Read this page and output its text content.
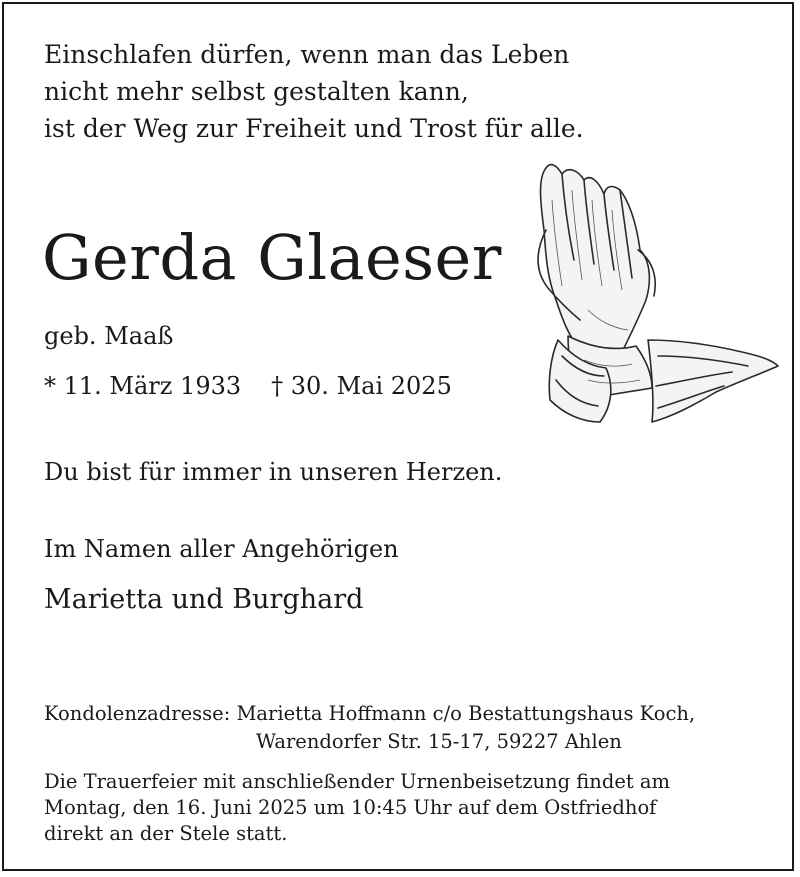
Einschlafen dürfen, wenn man das Leben
nicht mehr selbst gestalten kann,
ist der Weg zur Freiheit und Trost für alle.
Gerda Glaeser
geb. Maaß
* 11. März 1933 † 30. Mai 2025
Du bist für immer in unseren Herzen.
Im Namen aller Angehörigen
Marietta und Burghard
Kondolenzadresse: Marietta Hoffmann c/o Bestattungshaus Koch,
Warendorfer Str. 15-17, 59227 Ahlen
Die Trauerfeier mit anschließender Urnenbeisetzung findet am
Montag, den 16. Juni 2025 um 10:45 Uhr auf dem Ostfriedhof
direkt an der Stele statt.
